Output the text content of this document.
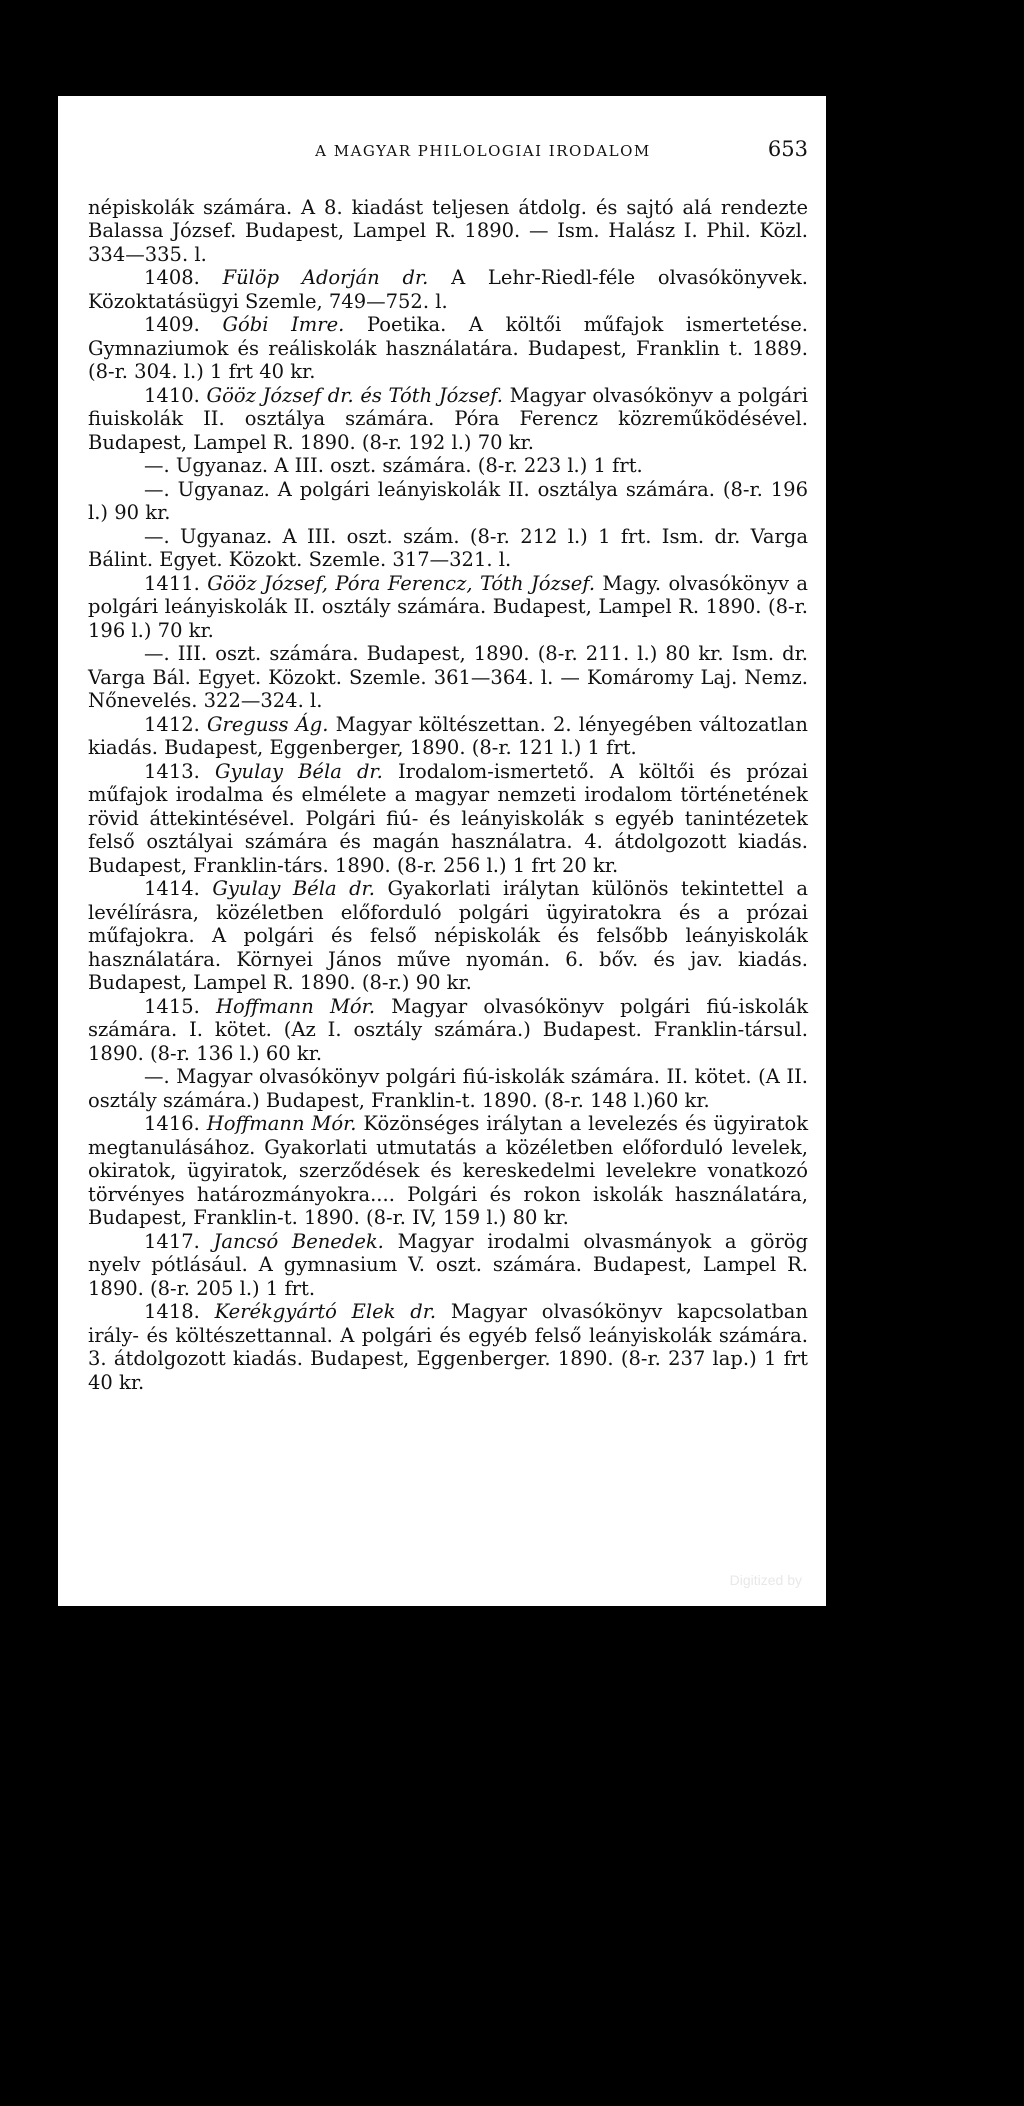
A MAGYAR PHILOLOGIAI IRODALOM	653

népiskolák számára. A 8. kiadást teljesen átdolg. és sajtó alá rendezte Balassa József. Budapest, Lampel R. 1890. — Ism. Halász I. Phil. Közl. 334—335. l.

1408. Fülöp Adorján dr. A Lehr-Riedl-féle olvasókönyvek. Közoktatásügyi Szemle, 749—752. l.

1409. Góbi Imre. Poetika. A költői műfajok ismertetése. Gymnaziumok és reáliskolák használatára. Budapest, Franklin t. 1889. (8-r. 304. l.) 1 frt 40 kr.

1410. Gööz József dr. és Tóth József. Magyar olvasókönyv a polgári fiuiskolák II. osztálya számára. Póra Ferencz közreműködésével. Budapest, Lampel R. 1890. (8-r. 192 l.) 70 kr.

—. Ugyanaz. A III. oszt. számára. (8-r. 223 l.) 1 frt.

—. Ugyanaz. A polgári leányiskolák II. osztálya számára. (8-r. 196 l.) 90 kr.

—. Ugyanaz. A III. oszt. szám. (8-r. 212 l.) 1 frt. Ism. dr. Varga Bálint. Egyet. Közokt. Szemle. 317—321. l.

1411. Gööz József, Póra Ferencz, Tóth József. Magy. olvasókönyv a polgári leányiskolák II. osztály számára. Budapest, Lampel R. 1890. (8-r. 196 l.) 70 kr.

—. III. oszt. számára. Budapest, 1890. (8-r. 211. l.) 80 kr. Ism. dr. Varga Bál. Egyet. Közokt. Szemle. 361—364. l. — Komáromy Laj. Nemz. Nőnevelés. 322—324. l.

1412. Greguss Ág. Magyar költészettan. 2. lényegében változatlan kiadás. Budapest, Eggenberger, 1890. (8-r. 121 l.) 1 frt.

1413. Gyulay Béla dr. Irodalom-ismertető. A költői és prózai műfajok irodalma és elmélete a magyar nemzeti irodalom történetének rövid áttekintésével. Polgári fiú- és leányiskolák s egyéb tanintézetek felső osztályai számára és magán használatra. 4. átdolgozott kiadás. Budapest, Franklin-társ. 1890. (8-r. 256 l.) 1 frt 20 kr.

1414. Gyulay Béla dr. Gyakorlati irálytan különös tekintettel a levélírásra, közéletben előforduló polgári ügyiratokra és a prózai műfajokra. A polgári és felső népiskolák és felsőbb leányiskolák használatára. Környei János műve nyomán. 6. bőv. és jav. kiadás. Budapest, Lampel R. 1890. (8-r.) 90 kr.

1415. Hoffmann Mór. Magyar olvasókönyv polgári fiú-iskolák számára. I. kötet. (Az I. osztály számára.) Budapest. Franklin-társul. 1890. (8-r. 136 l.) 60 kr.

—. Magyar olvasókönyv polgári fiú-iskolák számára. II. kötet. (A II. osztály számára.) Budapest, Franklin-t. 1890. (8-r. 148 l.)60 kr.

1416. Hoffmann Mór. Közönséges irálytan a levelezés és ügyiratok megtanulásához. Gyakorlati utmutatás a közéletben előforduló levelek, okiratok, ügyiratok, szerződések és kereskedelmi levelekre vonatkozó törvényes határozmányokra.... Polgári és rokon iskolák használatára, Budapest, Franklin-t. 1890. (8-r. IV, 159 l.) 80 kr.

1417. Jancsó Benedek. Magyar irodalmi olvasmányok a görög nyelv pótlásául. A gymnasium V. oszt. számára. Budapest, Lampel R. 1890. (8-r. 205 l.) 1 frt.

1418. Kerékgyártó Elek dr. Magyar olvasókönyv kapcsolatban irály- és költészettannal. A polgári és egyéb felső leányiskolák számára. 3. átdolgozott kiadás. Budapest, Eggenberger. 1890. (8-r. 237 lap.) 1 frt 40 kr.

Digitized by
